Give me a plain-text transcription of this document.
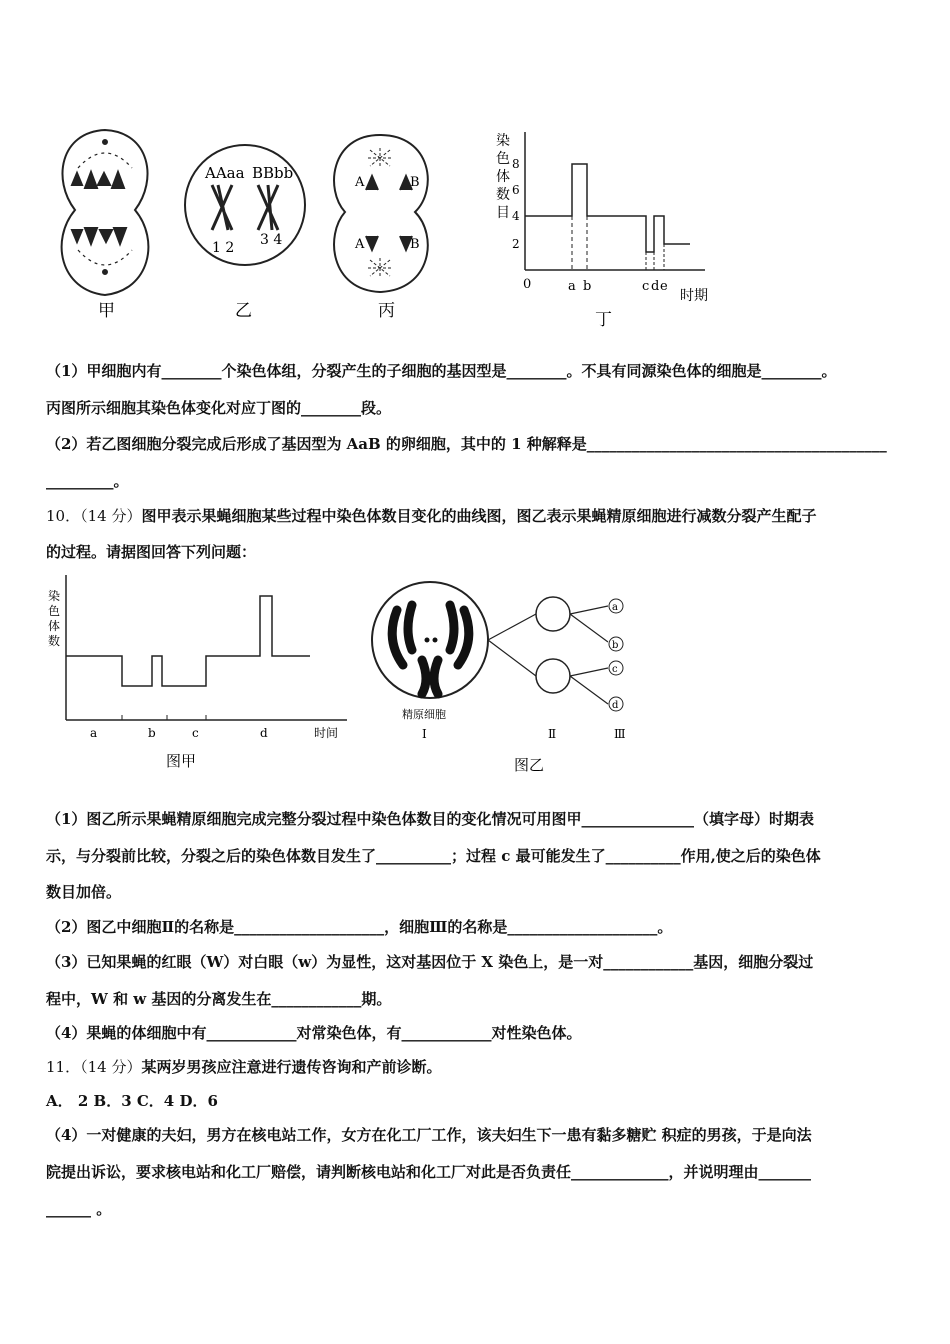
AAaa BBbb
1 2 3 4
A	B
A	B
8
6
4
2
0	a b	c d e
时期
染
色
体
数
目
甲	乙	丙	丁
（1）甲细胞内有________个染色体组，分裂产生的子细胞的基因型是________。不具有同源染色体的细胞是________。
丙图所示细胞其染色体变化对应丁图的________段。
（2）若乙图细胞分裂完成后形成了基因型为 AaB 的卵细胞，其中的 1 种解释是________________________________________
_________。
10．（14 分）图甲表示果蝇细胞某些过程中染色体数目变化的曲线图，图乙表示果蝇精原细胞进行减数分裂产生配子
的过程。请据图回答下列问题：
a	b	c	d	时间
染
色
体
数
图甲
a
b
c
d
精原细胞
Ⅰ	Ⅱ	Ⅲ
图乙
（1）图乙所示果蝇精原细胞完成完整分裂过程中染色体数目的变化情况可用图甲_______________（填字母）时期表
示，与分裂前比较，分裂之后的染色体数目发生了__________；过程 c 最可能发生了__________作用,使之后的染色体
数目加倍。
（2）图乙中细胞Ⅱ的名称是____________________，细胞Ⅲ的名称是____________________。
（3）已知果蝇的红眼（W）对白眼（w）为显性，这对基因位于 X 染色上，是一对____________基因，细胞分裂过
程中，W 和 w 基因的分离发生在____________期。
（4）果蝇的体细胞中有____________对常染色体，有____________对性染色体。
11．（14 分）某两岁男孩应注意进行遗传咨询和产前诊断。
A． 2 B．3 C．4 D．6
（4）一对健康的夫妇，男方在核电站工作，女方在化工厂工作，该夫妇生下一患有黏多糖贮 积症的男孩，于是向法
院提出诉讼，要求核电站和化工厂赔偿，请判断核电站和化工厂对此是否负责任_____________，并说明理由_______
______ 。
